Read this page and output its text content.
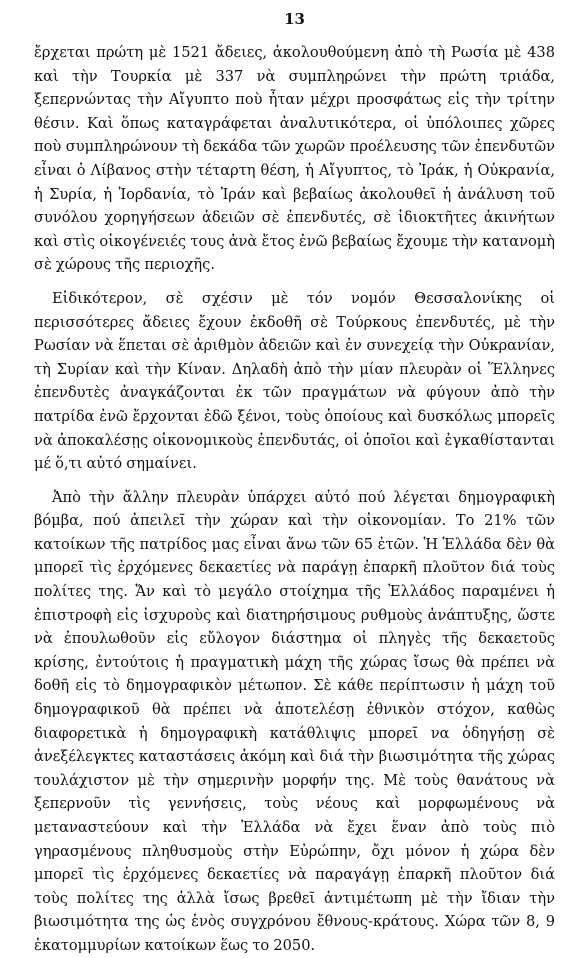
13

ἔρχεται πρώτη μὲ 1521 ἄδειες, ἀκολουθούμενη ἀπὸ τὴ Ρωσία μὲ 438 καὶ τὴν Τουρκία μὲ 337 νὰ συμπληρώνει τὴν πρώτη τριάδα, ξεπερνώντας τὴν Αἴγυπτο ποὺ ἦταν μέχρι προσφάτως εἰς τὴν τρίτην θέσιν. Καὶ ὅπως καταγράφεται ἀναλυτικότερα, οἱ ὑπόλοιπες χῶρες ποὺ συμπληρώνουν τὴ δεκάδα τῶν χωρῶν προέλευσης τῶν ἐπενδυτῶν εἶναι ὁ Λίβανος στὴν τέταρτη θέση, ἡ Αἴγυπτος, τὸ Ἰράκ, ἡ Οὐκρανία, ἡ Συρία, ἡ Ἰορδανία, τὸ Ἰράν καὶ βεβαίως ἀκολουθεῖ ἡ ἀνάλυση τοῦ συνόλου χορηγήσεων ἀδειῶν σὲ ἐπενδυτές, σὲ ἰδιοκτῆτες ἀκινήτων καὶ στὶς οἰκογένειές τους ἀνὰ ἔτος ἐνῶ βεβαίως ἔχουμε τὴν κατανομὴ σὲ χώρους τῆς περιοχῆς.

Εἰδικότερον, σὲ σχέσιν μὲ τόν νομόν Θεσσαλονίκης οἱ περισσότερες ἄδειες ἔχουν ἐκδοθῆ σὲ Τούρκους ἐπενδυτές, μὲ τὴν Ρωσίαν νὰ ἕπεται σὲ ἀριθμὸν ἀδειῶν καὶ ἐν συνεχείᾳ τὴν Οὐκρανίαν, τὴ Συρίαν καὶ τὴν Κίναν. Δηλαδὴ ἀπὸ τὴν μίαν πλευρὰν οἱ Ἕλληνες ἐπενδυτὲς ἀναγκάζονται ἐκ τῶν πραγμάτων νὰ φύγουν ἀπὸ τὴν πατρίδα ἐνῶ ἔρχονται ἐδῶ ξένοι, τοὺς ὁποίους καὶ δυσκόλως μπορεῖς νὰ ἀποκαλέσῃς οἰκονομικοὺς ἐπενδυτάς, οἱ ὁποῖοι καὶ ἐγκαθίστανται μέ ὅ,τι αὐτό σημαίνει.

Ἀπὸ τὴν ἄλλην πλευρὰν ὑπάρχει αὐτό πού λέγεται δημογραφικὴ βόμβα, πού ἀπειλεῖ τὴν χώραν καὶ τὴν οἰκονομίαν. Το 21% τῶν κατοίκων τῆς πατρίδος μας εἶναι ἄνω τῶν 65 ἐτῶν. Ἡ Ἑλλάδα δὲν θὰ μπορεῖ τὶς ἐρχόμενες δεκαετίες νὰ παράγῃ ἐπαρκῆ πλοῦτον διά τοὺς πολίτες της. Ἄν καὶ τὸ μεγάλο στοίχημα τῆς Ἑλλάδος παραμένει ἡ ἐπιστροφὴ εἰς ἰσχυροὺς καὶ διατηρήσιμους ρυθμοὺς ἀνάπτυξης, ὥστε νὰ ἐπουλωθοῦν εἰς εὔλογον διάστημα οἱ πληγὲς τῆς δεκαετοῦς κρίσης, ἐντούτοις ἡ πραγματικὴ μάχη τῆς χώρας ἴσως θὰ πρέπει νὰ δοθῆ εἰς τὸ δημογραφικὸν μέτωπον. Σὲ κάθε περίπτωσιν ἡ μάχη τοῦ δημογραφικοῦ θὰ πρέπει νὰ ἀποτελέσῃ ἐθνικὸν στόχον, καθὼς διαφορετικὰ ἡ δημογραφικὴ κατάθλιψις μπορεῖ να ὁδηγήσῃ σὲ ἀνεξέλεγκτες καταστάσεις ἀκόμη καὶ διά τὴν βιωσιμότητα τῆς χώρας τουλάχιστον μὲ τὴν σημερινὴν μορφήν της. Μὲ τοὺς θανάτους νὰ ξεπερνοῦν τὶς γεννήσεις, τοὺς νέους καὶ μορφωμένους νὰ μεταναστεύουν καὶ τὴν Ἑλλάδα νὰ ἔχει ἕναν ἀπὸ τοὺς πιὸ γηρασμένους πληθυσμοὺς στὴν Εὐρώπην, ὄχι μόνον ἡ χώρα δὲν μπορεῖ τὶς ἐρχόμενες δεκαετίες νὰ παραγάγῃ ἐπαρκῆ πλοῦτον διά τοὺς πολίτες της ἀλλὰ ἴσως βρεθεῖ ἀντιμέτωπη μὲ τὴν ἴδιαν τὴν βιωσιμότητα της ὡς ἑνὸς συγχρόνου ἔθνους-κράτους. Χώρα τῶν 8, 9 ἑκατομμυρίων κατοίκων ἕως το 2050.
